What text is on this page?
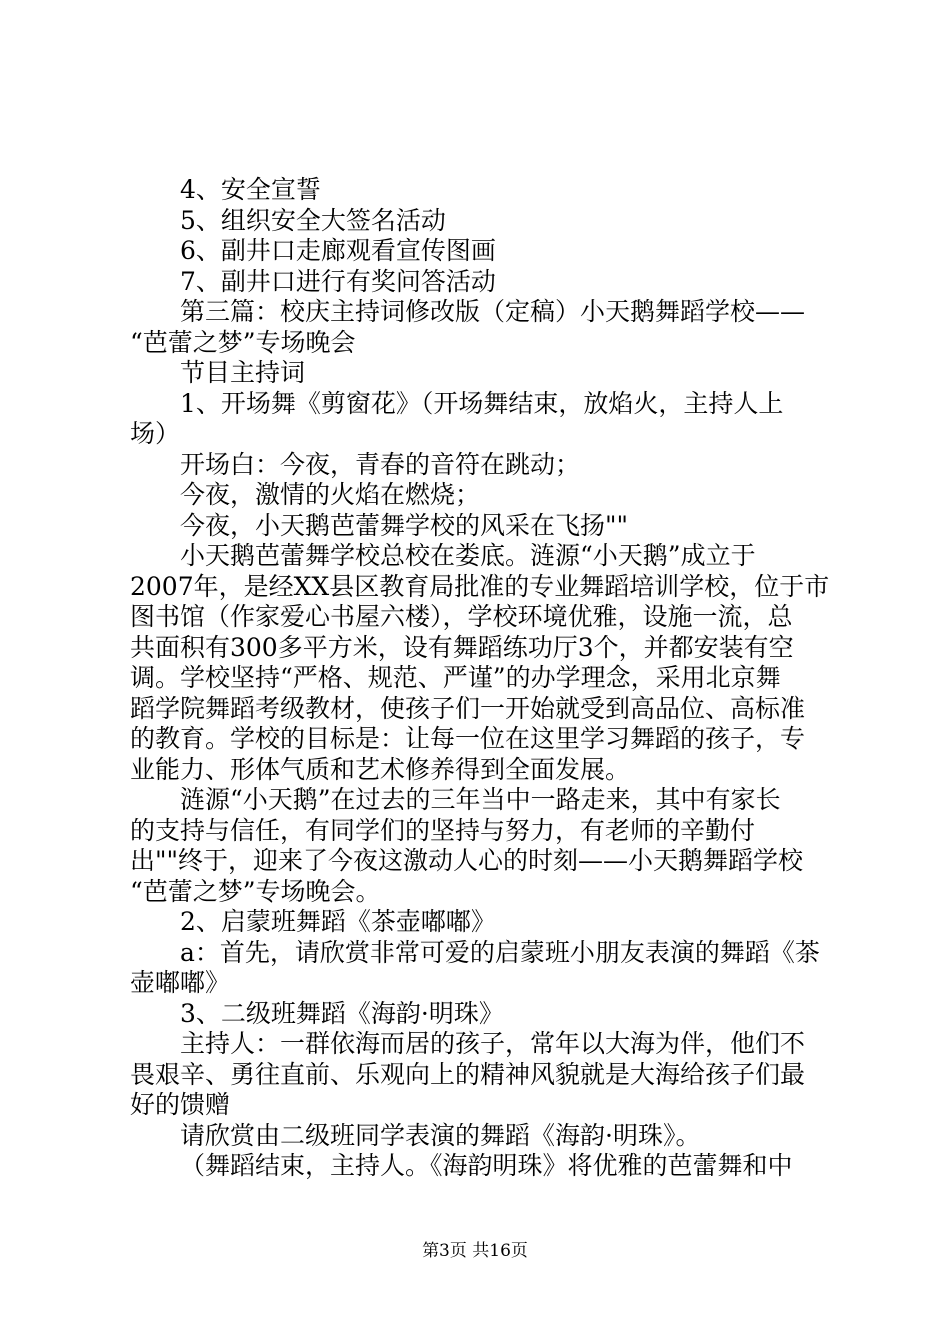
4、安全宣誓
5、组织安全大签名活动
6、副井口走廊观看宣传图画
7、副井口进行有奖问答活动
第三篇：校庆主持词修改版（定稿）小天鹅舞蹈学校——
“芭蕾之梦”专场晚会
节目主持词
1、开场舞《剪窗花》（开场舞结束，放焰火，主持人上
场）
开场白：今夜，青春的音符在跳动；
今夜，激情的火焰在燃烧；
今夜，小天鹅芭蕾舞学校的风采在飞扬""
小天鹅芭蕾舞学校总校在娄底。涟源“小天鹅”成立于
2007年，是经XX县区教育局批准的专业舞蹈培训学校，位于市
图书馆（作家爱心书屋六楼），学校环境优雅，设施一流，总
共面积有300多平方米，设有舞蹈练功厅3个，并都安装有空
调。学校坚持“严格、规范、严谨”的办学理念，采用北京舞
蹈学院舞蹈考级教材，使孩子们一开始就受到高品位、高标准
的教育。学校的目标是：让每一位在这里学习舞蹈的孩子，专
业能力、形体气质和艺术修养得到全面发展。
涟源“小天鹅”在过去的三年当中一路走来，其中有家长
的支持与信任，有同学们的坚持与努力，有老师的辛勤付
出""终于，迎来了今夜这激动人心的时刻——小天鹅舞蹈学校
“芭蕾之梦”专场晚会。
2、启蒙班舞蹈《茶壶嘟嘟》
a：首先，请欣赏非常可爱的启蒙班小朋友表演的舞蹈《茶
壶嘟嘟》
3、二级班舞蹈《海韵·明珠》
主持人：一群依海而居的孩子，常年以大海为伴，他们不
畏艰辛、勇往直前、乐观向上的精神风貌就是大海给孩子们最
好的馈赠
请欣赏由二级班同学表演的舞蹈《海韵·明珠》。
（舞蹈结束，主持人。《海韵明珠》将优雅的芭蕾舞和中
第3页 共16页
